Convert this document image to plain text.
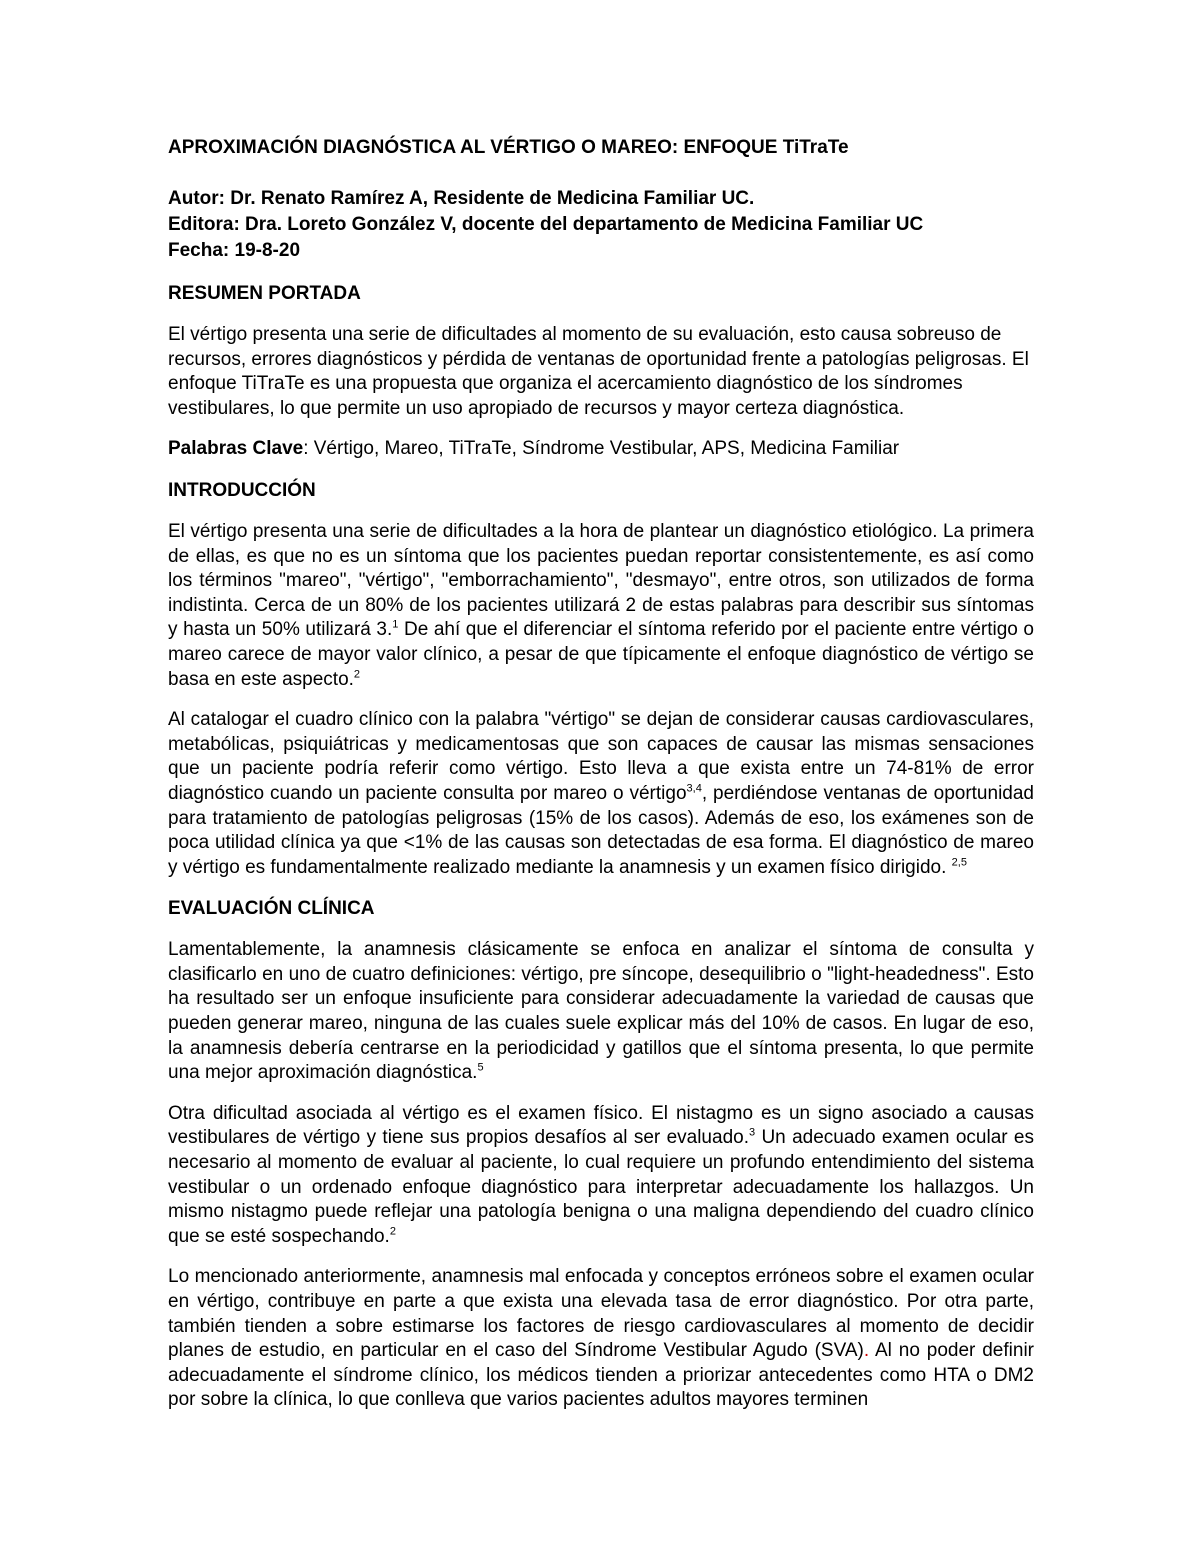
APROXIMACIÓN DIAGNÓSTICA AL VÉRTIGO O MAREO: ENFOQUE TiTraTe

Autor: Dr. Renato Ramírez A, Residente de Medicina Familiar UC.

Editora: Dra. Loreto González V, docente del departamento de Medicina Familiar UC

Fecha: 19-8-20

RESUMEN PORTADA

El vértigo presenta una serie de dificultades al momento de su evaluación, esto causa sobreuso de recursos, errores diagnósticos y pérdida de ventanas de oportunidad frente a patologías peligrosas. El enfoque TiTraTe es una propuesta que organiza el acercamiento diagnóstico de los síndromes vestibulares, lo que permite un uso apropiado de recursos y mayor certeza diagnóstica.

Palabras Clave: Vértigo, Mareo, TiTraTe, Síndrome Vestibular, APS, Medicina Familiar

INTRODUCCIÓN

El vértigo presenta una serie de dificultades a la hora de plantear un diagnóstico etiológico. La primera de ellas, es que no es un síntoma que los pacientes puedan reportar consistentemente, es así como los términos "mareo", "vértigo", "emborrachamiento", "desmayo", entre otros, son utilizados de forma indistinta. Cerca de un 80% de los pacientes utilizará 2 de estas palabras para describir sus síntomas y hasta un 50% utilizará 3.$^1$ De ahí que el diferenciar el síntoma referido por el paciente entre vértigo o mareo carece de mayor valor clínico, a pesar de que típicamente el enfoque diagnóstico de vértigo se basa en este aspecto.$^2$

Al catalogar el cuadro clínico con la palabra "vértigo" se dejan de considerar causas cardiovasculares, metabólicas, psiquiátricas y medicamentosas que son capaces de causar las mismas sensaciones que un paciente podría referir como vértigo. Esto lleva a que exista entre un 74-81% de error diagnóstico cuando un paciente consulta por mareo o vértigo$^{3,4}$, perdiéndose ventanas de oportunidad para tratamiento de patologías peligrosas (15% de los casos). Además de eso, los exámenes son de poca utilidad clínica ya que <1% de las causas son detectadas de esa forma. El diagnóstico de mareo y vértigo es fundamentalmente realizado mediante la anamnesis y un examen físico dirigido. $^{2,5}$

EVALUACIÓN CLÍNICA

Lamentablemente, la anamnesis clásicamente se enfoca en analizar el síntoma de consulta y clasificarlo en uno de cuatro definiciones: vértigo, pre síncope, desequilibrio o "light-headedness". Esto ha resultado ser un enfoque insuficiente para considerar adecuadamente la variedad de causas que pueden generar mareo, ninguna de las cuales suele explicar más del 10% de casos. En lugar de eso, la anamnesis debería centrarse en la periodicidad y gatillos que el síntoma presenta, lo que permite una mejor aproximación diagnóstica.$^5$

Otra dificultad asociada al vértigo es el examen físico. El nistagmo es un signo asociado a causas vestibulares de vértigo y tiene sus propios desafíos al ser evaluado.$^3$ Un adecuado examen ocular es necesario al momento de evaluar al paciente, lo cual requiere un profundo entendimiento del sistema vestibular o un ordenado enfoque diagnóstico para interpretar adecuadamente los hallazgos. Un mismo nistagmo puede reflejar una patología benigna o una maligna dependiendo del cuadro clínico que se esté sospechando.$^2$

Lo mencionado anteriormente, anamnesis mal enfocada y conceptos erróneos sobre el examen ocular en vértigo, contribuye en parte a que exista una elevada tasa de error diagnóstico. Por otra parte, también tienden a sobre estimarse los factores de riesgo cardiovasculares al momento de decidir planes de estudio, en particular en el caso del Síndrome Vestibular Agudo (SVA). Al no poder definir adecuadamente el síndrome clínico, los médicos tienden a priorizar antecedentes como HTA o DM2 por sobre la clínica, lo que conlleva que varios pacientes adultos mayores terminen
